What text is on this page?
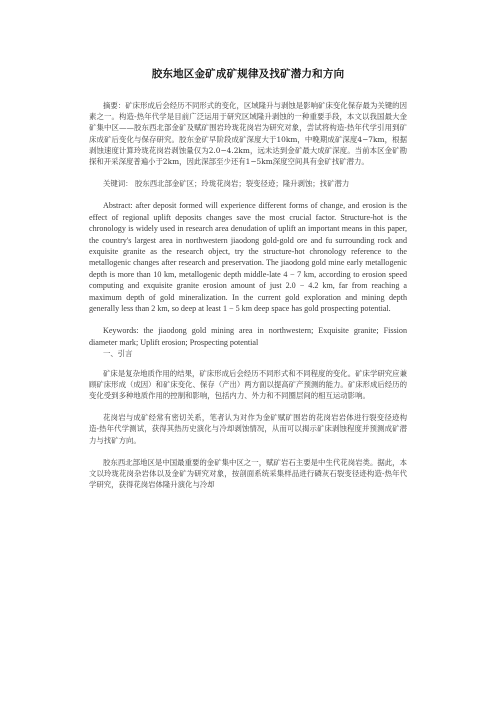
胶东地区金矿成矿规律及找矿潜力和方向

摘要：矿床形成后会经历不同形式的变化，区域隆升与剥蚀是影响矿床变化保存最为关键的因素之一。构造-热年代学是目前广泛运用于研究区域隆升剥蚀的一种重要手段，本文以我国最大金矿集中区——胶东西北部金矿及赋矿围岩玲珑花岗岩为研究对象，尝试将构造-热年代学引用到矿床成矿后变化与保存研究。胶东金矿早阶段成矿深度大于10km，中晚期成矿深度4−7km，根据剥蚀速度计算玲珑花岗岩剥蚀量仅为2.0−4.2km，远未达到金矿最大成矿深度。当前本区金矿勘探和开采深度普遍小于2km，因此深部至少还有1−5km深度空间具有金矿找矿潜力。

关键词： 胶东西北部金矿区；玲珑花岗岩；裂变径迹；隆升剥蚀；找矿潜力

Abstract: after deposit formed will experience different forms of change, and erosion is the effect of regional uplift deposits changes save the most crucial factor. Structure-hot is the chronology is widely used in research area denudation of uplift an important means in this paper, the country's largest area in northwestern jiaodong gold-gold ore and fu surrounding rock and exquisite granite as the research object, try the structure-hot chronology reference to the metallogenic changes after research and preservation. The jiaodong gold mine early metallogenic depth is more than 10 km, metallogenic depth middle-late 4 − 7 km, according to erosion speed computing and exquisite granite erosion amount of just 2.0 − 4.2 km, far from reaching a maximum depth of gold mineralization. In the current gold exploration and mining depth generally less than 2 km, so deep at least 1 − 5 km deep space has gold prospecting potential.

Keywords: the jiaodong gold mining area in northwestern; Exquisite granite; Fission diameter mark; Uplift erosion; Prospecting potential

一、引言

矿床是复杂地质作用的结果，矿床形成后会经历不同形式和不同程度的变化。矿床学研究应兼顾矿床形成（成因）和矿床变化、保存（产出）两方面以提高矿产预测的能力。矿床形成后经历的变化受到多种地质作用的控制和影响，包括内力、外力和不同圈层间的相互运动影响。

花岗岩与成矿经常有密切关系，笔者认为对作为金矿赋矿围岩的花岗岩岩体进行裂变径迹构造-热年代学测试，获得其热历史演化与冷却剥蚀情况，从而可以揭示矿床剥蚀程度并预测成矿潜力与找矿方向。

胶东西北部地区是中国最重要的金矿集中区之一，赋矿岩石主要是中生代花岗岩类。据此，本文以玲珑花岗杂岩体以及金矿为研究对象，按剖面系统采集样品进行磷灰石裂变径迹构造-热年代学研究，获得花岗岩体隆升演化与冷却
